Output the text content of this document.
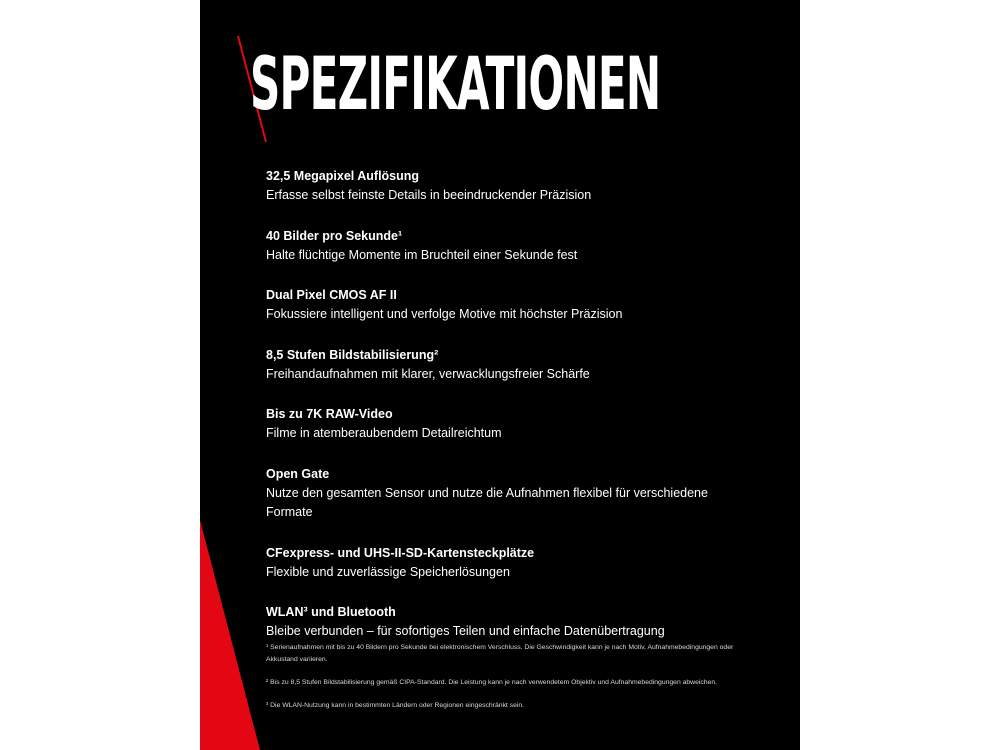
SPEZIFIKATIONEN
32,5 Megapixel Auflösung
Erfasse selbst feinste Details in beeindruckender Präzision
40 Bilder pro Sekunde¹
Halte flüchtige Momente im Bruchteil einer Sekunde fest
Dual Pixel CMOS AF II
Fokussiere intelligent und verfolge Motive mit höchster Präzision
8,5 Stufen Bildstabilisierung²
Freihandaufnahmen mit klarer, verwacklungsfreier Schärfe
Bis zu 7K RAW-Video
Filme in atemberaubendem Detailreichtum
Open Gate
Nutze den gesamten Sensor und nutze die Aufnahmen flexibel für verschiedene Formate
CFexpress- und UHS-II-SD-Kartensteckplätze
Flexible und zuverlässige Speicherlösungen
WLAN³ und Bluetooth
Bleibe verbunden – für sofortiges Teilen und einfache Datenübertragung

¹ Serienaufnahmen mit bis zu 40 Bildern pro Sekunde bei elektronischem Verschluss. Die Geschwindigkeit kann je nach Motiv, Aufnahmebedingungen oder Akkustand variieren.

² Bis zu 8,5 Stufen Bildstabilisierung gemäß CIPA-Standard. Die Leistung kann je nach verwendetem Objektiv und Aufnahmebedingungen abweichen.

³ Die WLAN-Nutzung kann in bestimmten Ländern oder Regionen eingeschränkt sein.
